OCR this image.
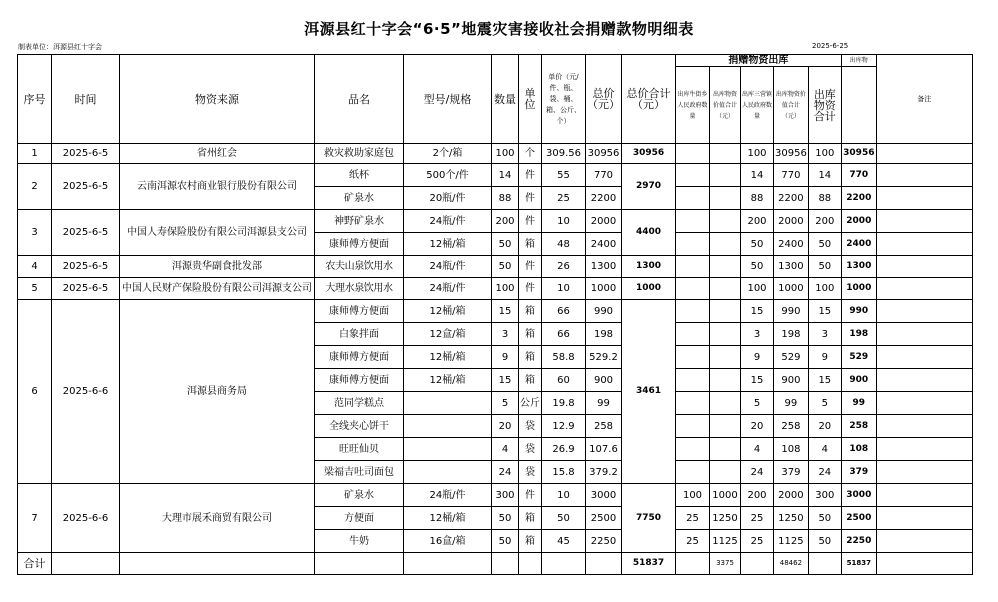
洱源县红十字会“6·5”地震灾害接收社会捐赠款物明细表
制表单位：洱源县红十字会	2025-6-25
序号	时间	物资来源	品名	型号/规格	数量	单位	单价（元/件、瓶、袋、桶、箱、公斤、个）	总价（元）	总价合计（元）	捐赠物资出库					出库物	备注
										出库牛街乡人民政府数量	出库物资价值合计（元）	出库三营镇人民政府数量	出库物资价值合计（元）	出库物资合计		
1	2025-6-5	省州红会	救灾救助家庭包	2个/箱	100	个	309.56	30956	30956			100	30956	100	30956	
2	2025-6-5	云南洱源农村商业银行股份有限公司	纸杯	500个/件	14	件	55	770	2970			14	770	14	770	
			矿泉水	20瓶/件	88	件	25	2200				88	2200	88	2200	
3	2025-6-5	中国人寿保险股份有限公司洱源县支公司	神野矿泉水	24瓶/件	200	件	10	2000	4400			200	2000	200	2000	
			康师傅方便面	12桶/箱	50	箱	48	2400				50	2400	50	2400	
4	2025-6-5	洱源贵华副食批发部	农夫山泉饮用水	24瓶/件	50	件	26	1300	1300			50	1300	50	1300	
5	2025-6-5	中国人民财产保险股份有限公司洱源支公司	大理水泉饮用水	24瓶/件	100	件	10	1000	1000			100	1000	100	1000	
6	2025-6-6	洱源县商务局	康师傅方便面	12桶/箱	15	箱	66	990	3461			15	990	15	990	
			白象拌面	12盒/箱	3	箱	66	198				3	198	3	198	
			康师傅方便面	12桶/箱	9	箱	58.8	529.2				9	529	9	529	
			康师傅方便面	12桶/箱	15	箱	60	900				15	900	15	900	
			范同学糕点		5	公斤	19.8	99				5	99	5	99	
			全线夹心饼干		20	袋	12.9	258				20	258	20	258	
			旺旺仙贝		4	袋	26.9	107.6				4	108	4	108	
			梁福吉吐司面包		24	袋	15.8	379.2				24	379	24	379	
7	2025-6-6	大理市展禾商贸有限公司	矿泉水	24瓶/件	300	件	10	3000	7750	100	1000	200	2000	300	3000	
			方便面	12桶/箱	50	箱	50	2500		25	1250	25	1250	50	2500	
			牛奶	16盒/箱	50	箱	45	2250		25	1125	25	1125	50	2250	
合计									51837		3375		48462		51837	
